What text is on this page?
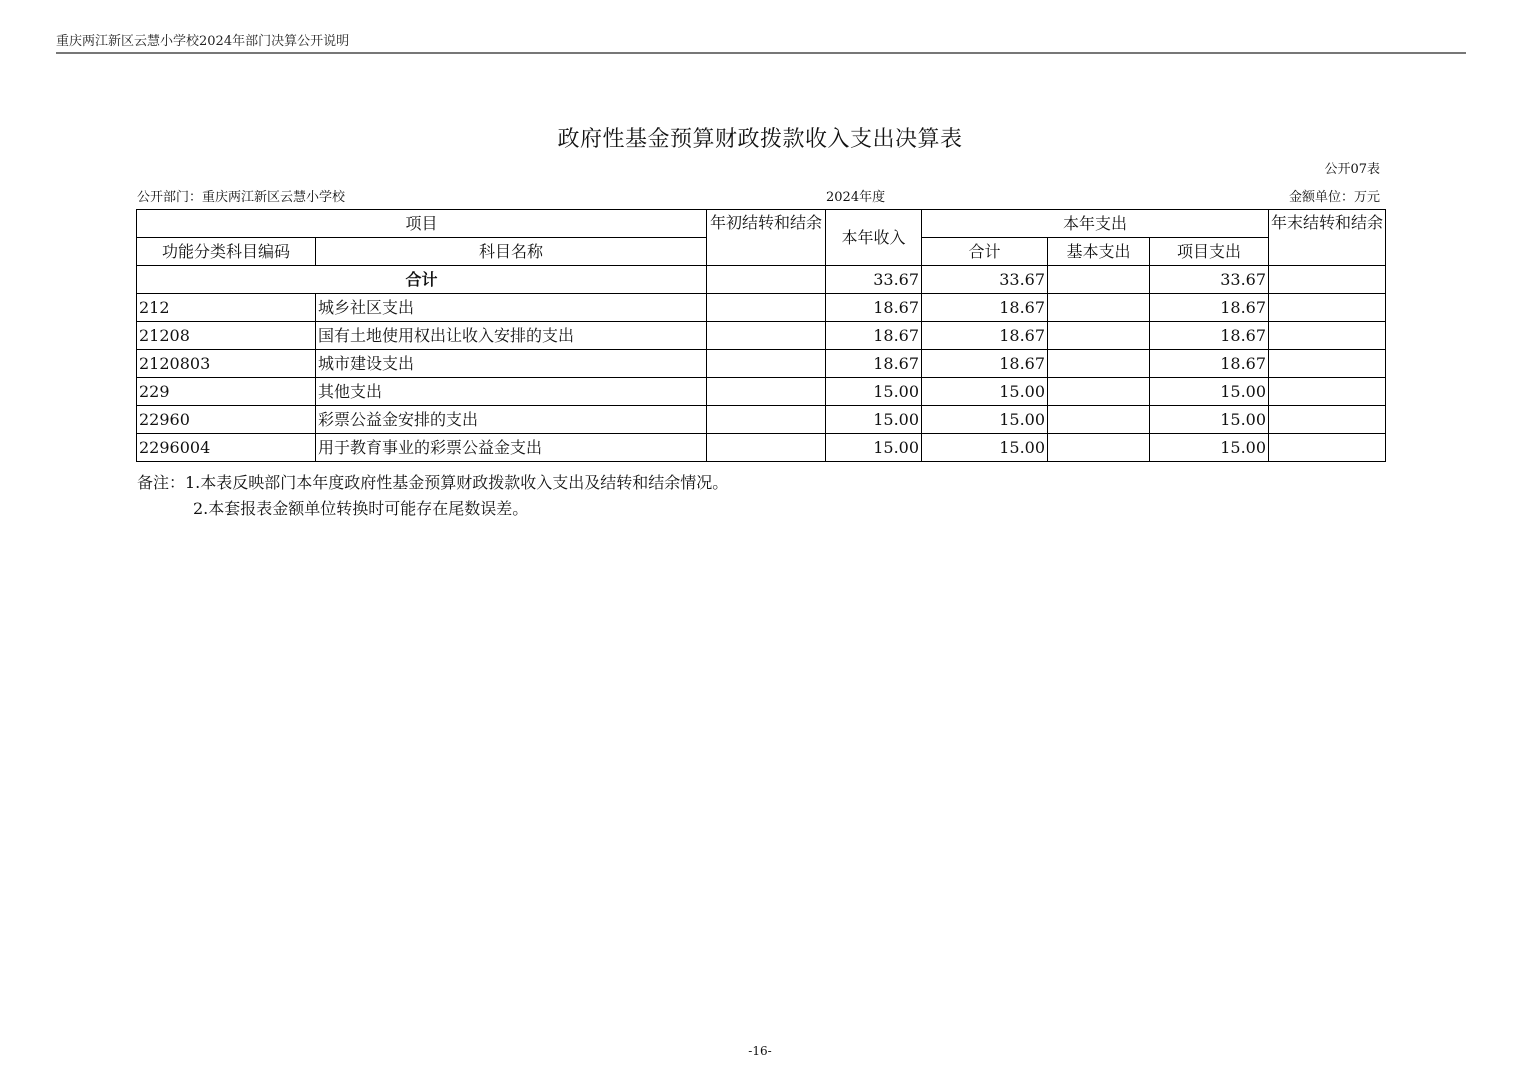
重庆两江新区云慧小学校2024年部门决算公开说明
政府性基金预算财政拨款收入支出决算表
公开07表
公开部门：重庆两江新区云慧小学校	2024年度	金额单位：万元
项目		年初结转和结余	本年收入	本年支出			年末结转和结余
功能分类科目编码	科目名称			合计	基本支出	项目支出	
合计			33.67	33.67		33.67	
212	城乡社区支出		18.67	18.67		18.67	
21208	国有土地使用权出让收入安排的支出		18.67	18.67		18.67	
2120803	城市建设支出		18.67	18.67		18.67	
229	其他支出		15.00	15.00		15.00	
22960	彩票公益金安排的支出		15.00	15.00		15.00	
2296004	用于教育事业的彩票公益金支出		15.00	15.00		15.00	
备注：1.本表反映部门本年度政府性基金预算财政拨款收入支出及结转和结余情况。
2.本套报表金额单位转换时可能存在尾数误差。
-16-
